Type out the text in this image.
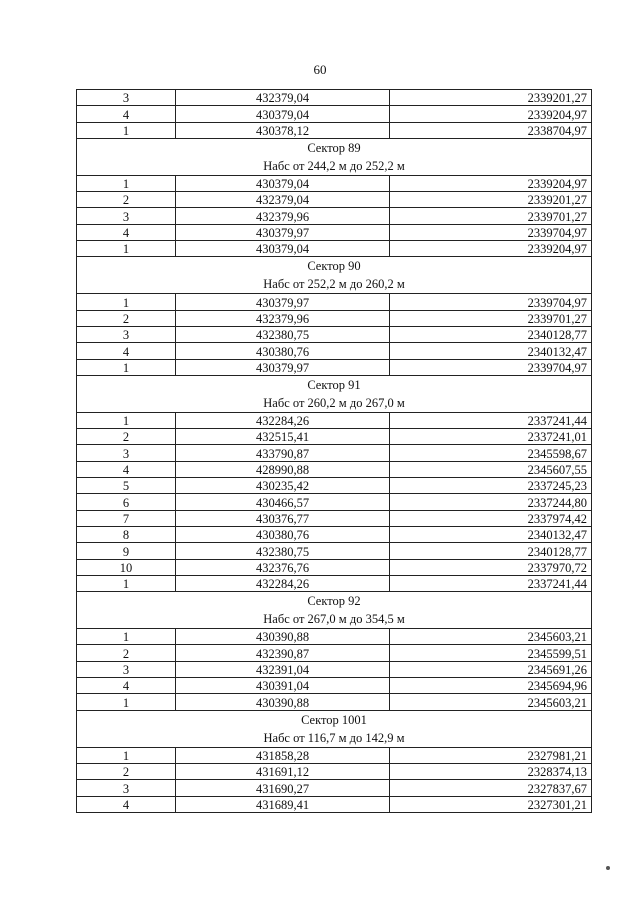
60
3	432379,04	2339201,27
4	430379,04	2339204,97
1	430378,12	2338704,97

Сектор 89
Набс от 244,2 м до 252,2 м		

1	430379,04	2339204,97
2	432379,04	2339201,27
3	432379,96	2339701,27
4	430379,97	2339704,97
1	430379,04	2339204,97

Сектор 90
Набс от 252,2 м до 260,2 м		

1	430379,97	2339704,97
2	432379,96	2339701,27
3	432380,75	2340128,77
4	430380,76	2340132,47
1	430379,97	2339704,97

Сектор 91
Набс от 260,2 м до 267,0 м		

1	432284,26	2337241,44
2	432515,41	2337241,01
3	433790,87	2345598,67
4	428990,88	2345607,55
5	430235,42	2337245,23
6	430466,57	2337244,80
7	430376,77	2337974,42
8	430380,76	2340132,47
9	432380,75	2340128,77
10	432376,76	2337970,72
1	432284,26	2337241,44

Сектор 92
Набс от 267,0 м до 354,5 м		

1	430390,88	2345603,21
2	432390,87	2345599,51
3	432391,04	2345691,26
4	430391,04	2345694,96
1	430390,88	2345603,21

Сектор 1001
Набс от 116,7 м до 142,9 м		

1	431858,28	2327981,21
2	431691,12	2328374,13
3	431690,27	2327837,67
4	431689,41	2327301,21
